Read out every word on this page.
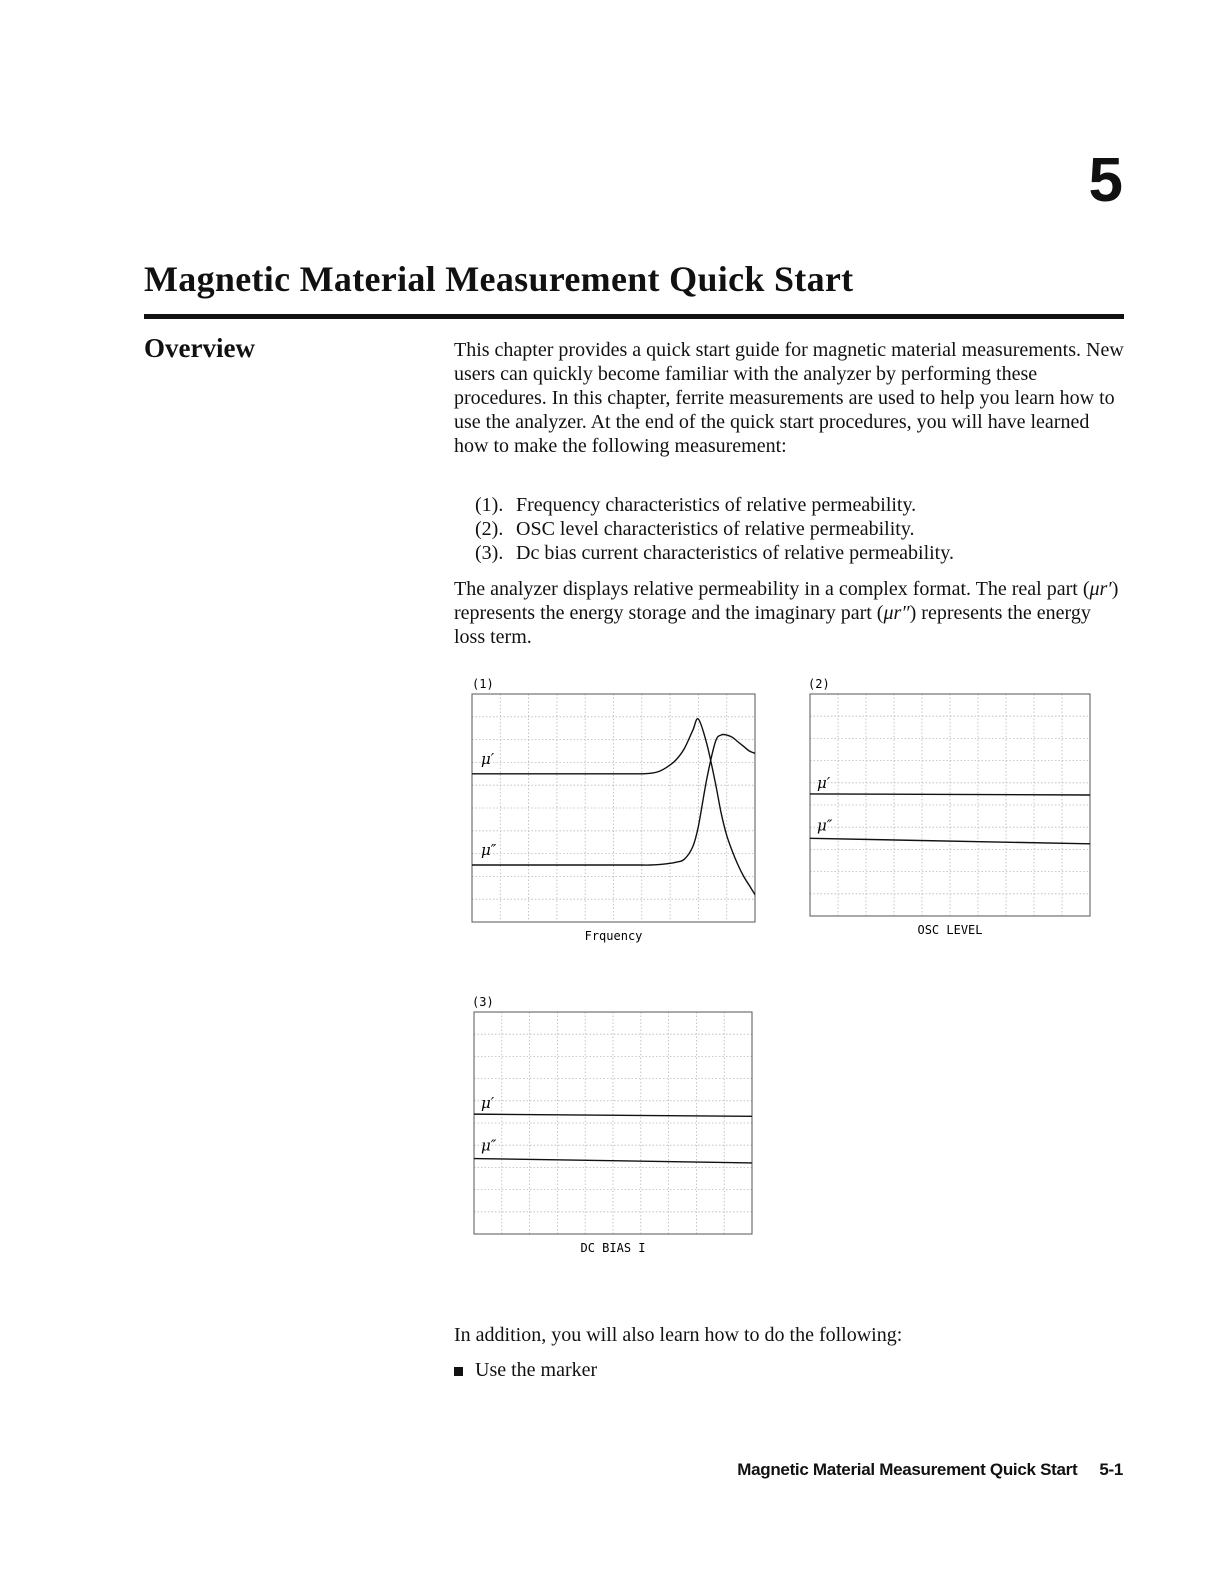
5
Magnetic Material Measurement Quick Start
Overview	This chapter provides a quick start guide for magnetic material measurements. New users can quickly become familiar with the analyzer by performing these procedures. In this chapter, ferrite measurements are used to help you learn how to use the analyzer. At the end of the quick start procedures, you will have learned how to make the following measurement:

(1). Frequency characteristics of relative permeability.
(2). OSC level characteristics of relative permeability.
(3). Dc bias current characteristics of relative permeability.

The analyzer displays relative permeability in a complex format. The real part (μr′) represents the energy storage and the imaginary part (μr″) represents the energy loss term.

(1)
μ′
μ″
Frquency
(2)
μ′
μ″
OSC LEVEL
(3)
μ′
μ″
DC BIAS I

In addition, you will also learn how to do the following:

Use the marker
Magnetic Material Measurement Quick Start 5-1
